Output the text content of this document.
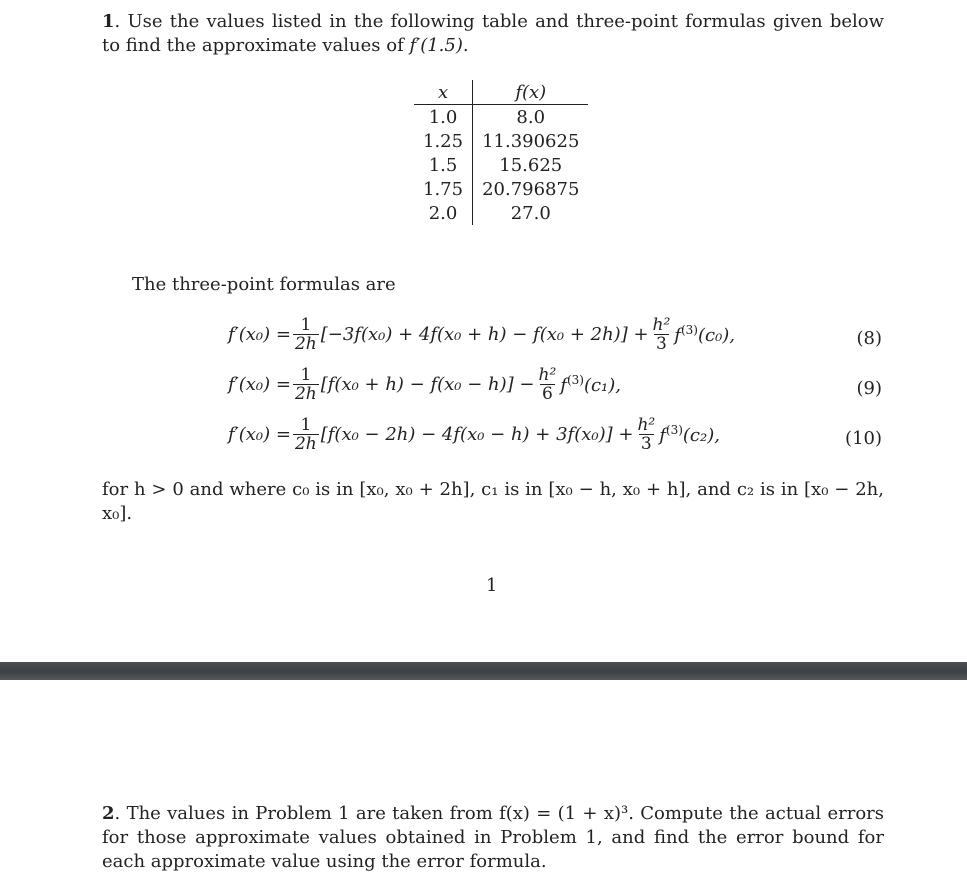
1. Use the values listed in the following table and three-point formulas given below to find the approximate values of f′(1.5).
x	f(x)
1.0	8.0
1.25	11.390625
1.5	15.625
1.75	20.796875
2.0	27.0
The three-point formulas are
$f'(x_0) = \frac{1}{2h} [-3f(x_0) + 4f(x_0 + h) - f(x_0 + 2h)] + \frac{\text{h²}}{3} f^{(3)}(c_0)$,	(8)
$f'(x_0) = \frac{1}{2h} [f(x_0 + h) - f(x_0 - h)] - \frac{\text{h²}}{6} f^{(3)}(c_1)$,	(9)
$f'(x_0) = \frac{1}{2h} [f(x_0 - 2h) - 4f(x_0 - h) + 3f(x_0)] + \frac{\text{h²}}{3} f^{(3)}(c_2)$,	(10)
for h > 0 and where c₀ is in [x₀, x₀ + 2h], c₁ is in [x₀ − h, x₀ + h], and c₂ is in [x₀ − 2h, x₀].
1
2. The values in Problem 1 are taken from f(x) = (1 + x)³. Compute the actual errors for those approximate values obtained in Problem 1, and find the error bound for each approximate value using the error formula.
